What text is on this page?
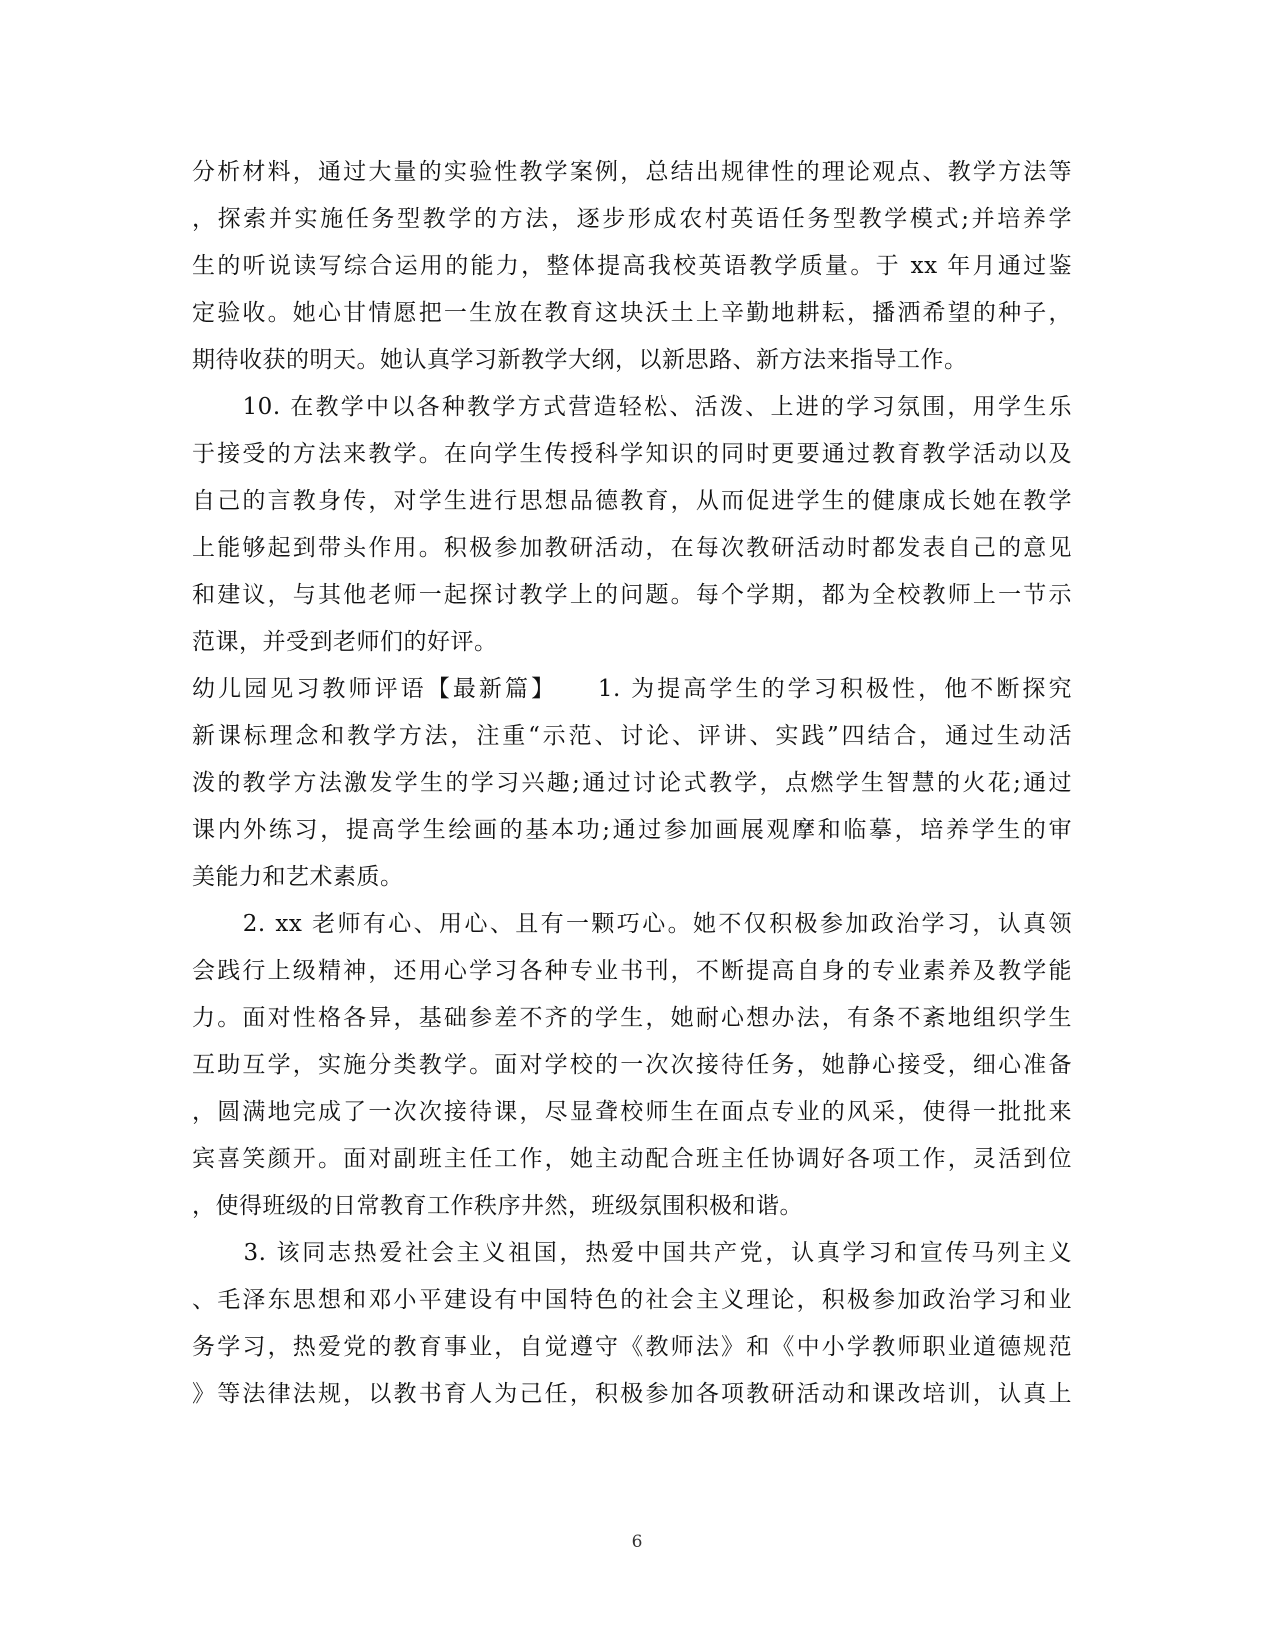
分析材料，通过大量的实验性教学案例，总结出规律性的理论观点、教学方法等
，探索并实施任务型教学的方法，逐步形成农村英语任务型教学模式;并培养学
生的听说读写综合运用的能力，整体提高我校英语教学质量。于 xx 年月通过鉴
定验收。她心甘情愿把一生放在教育这块沃土上辛勤地耕耘，播洒希望的种子，
期待收获的明天。她认真学习新教学大纲，以新思路、新方法来指导工作。
　　10. 在教学中以各种教学方式营造轻松、活泼、上进的学习氛围，用学生乐
于接受的方法来教学。在向学生传授科学知识的同时更要通过教育教学活动以及
自己的言教身传，对学生进行思想品德教育，从而促进学生的健康成长她在教学
上能够起到带头作用。积极参加教研活动，在每次教研活动时都发表自己的意见
和建议，与其他老师一起探讨教学上的问题。每个学期，都为全校教师上一节示
范课，并受到老师们的好评。
幼儿园见习教师评语【最新篇】　　1. 为提高学生的学习积极性，他不断探究
新课标理念和教学方法，注重“示范、讨论、评讲、实践”四结合，通过生动活
泼的教学方法激发学生的学习兴趣;通过讨论式教学，点燃学生智慧的火花;通过
课内外练习，提高学生绘画的基本功;通过参加画展观摩和临摹，培养学生的审
美能力和艺术素质。
　　2. xx 老师有心、用心、且有一颗巧心。她不仅积极参加政治学习，认真领
会践行上级精神，还用心学习各种专业书刊，不断提高自身的专业素养及教学能
力。面对性格各异，基础参差不齐的学生，她耐心想办法，有条不紊地组织学生
互助互学，实施分类教学。面对学校的一次次接待任务，她静心接受，细心准备
，圆满地完成了一次次接待课，尽显聋校师生在面点专业的风采，使得一批批来
宾喜笑颜开。面对副班主任工作，她主动配合班主任协调好各项工作，灵活到位
，使得班级的日常教育工作秩序井然，班级氛围积极和谐。
　　3. 该同志热爱社会主义祖国，热爱中国共产党，认真学习和宣传马列主义
、毛泽东思想和邓小平建设有中国特色的社会主义理论，积极参加政治学习和业
务学习，热爱党的教育事业，自觉遵守《教师法》和《中小学教师职业道德规范
》等法律法规，以教书育人为己任，积极参加各项教研活动和课改培训，认真上
6
